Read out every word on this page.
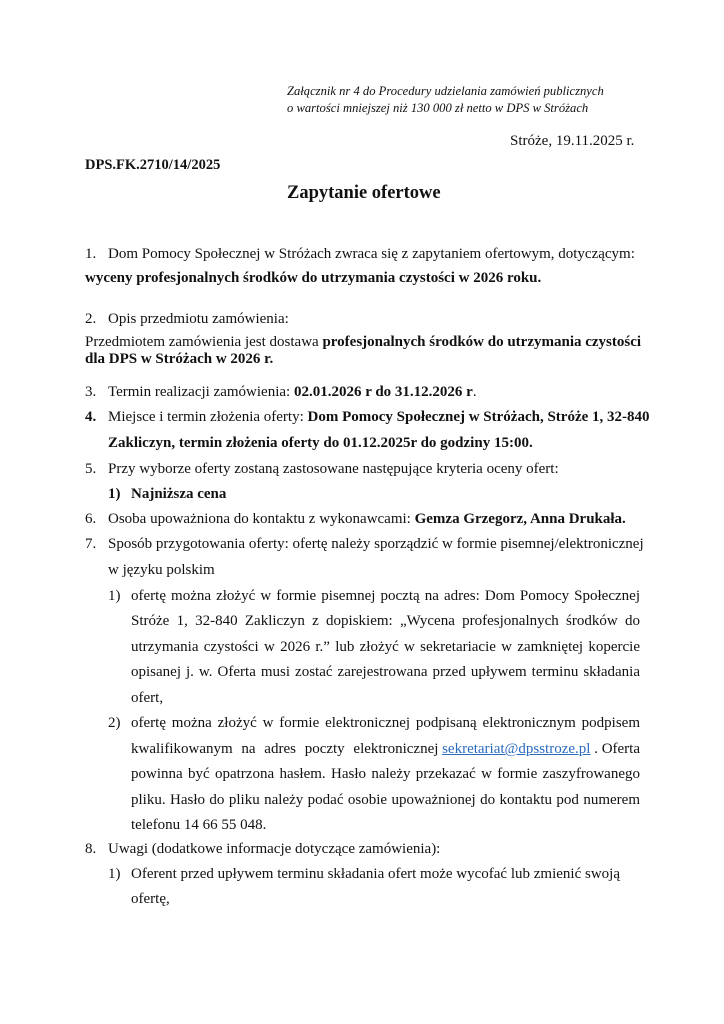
Załącznik nr 4 do Procedury udzielania zamówień publicznych
o wartości mniejszej niż 130 000 zł netto w DPS w Stróżach
Stróże, 19.11.2025 r.
DPS.FK.2710/14/2025
Zapytanie ofertowe
1. Dom Pomocy Społecznej w Stróżach zwraca się z zapytaniem ofertowym, dotyczącym:
wyceny profesjonalnych środków do utrzymania czystości w 2026 roku.
2. Opis przedmiotu zamówienia:
Przedmiotem zamówienia jest dostawa profesjonalnych środków do utrzymania czystości
dla DPS w Stróżach w 2026 r.
3. Termin realizacji zamówienia: 02.01.2026 r do 31.12.2026 r.
4. Miejsce i termin złożenia oferty: Dom Pomocy Społecznej w Stróżach, Stróże 1, 32-840
Zakliczyn, termin złożenia oferty do 01.12.2025r do godziny 15:00.
5. Przy wyborze oferty zostaną zastosowane następujące kryteria oceny ofert:
1) Najniższa cena
6. Osoba upoważniona do kontaktu z wykonawcami: Gemza Grzegorz, Anna Drukała.
7. Sposób przygotowania oferty: ofertę należy sporządzić w formie pisemnej/elektronicznej
w języku polskim
1) ofertę można złożyć w formie pisemnej pocztą na adres: Dom Pomocy Społecznej
Stróże 1, 32-840 Zakliczyn z dopiskiem: „Wycena profesjonalnych środków do
utrzymania czystości w 2026 r.” lub złożyć w sekretariacie w zamkniętej kopercie
opisanej j. w. Oferta musi zostać zarejestrowana przed upływem terminu składania
ofert,
2) ofertę można złożyć w formie elektronicznej podpisaną elektronicznym podpisem
kwalifikowanym na adres poczty elektronicznej sekretariat@dpsstroze.pl . Oferta
powinna być opatrzona hasłem. Hasło należy przekazać w formie zaszyfrowanego
pliku. Hasło do pliku należy podać osobie upoważnionej do kontaktu pod numerem
telefonu 14 66 55 048.
8. Uwagi (dodatkowe informacje dotyczące zamówienia):
1) Oferent przed upływem terminu składania ofert może wycofać lub zmienić swoją
ofertę,
